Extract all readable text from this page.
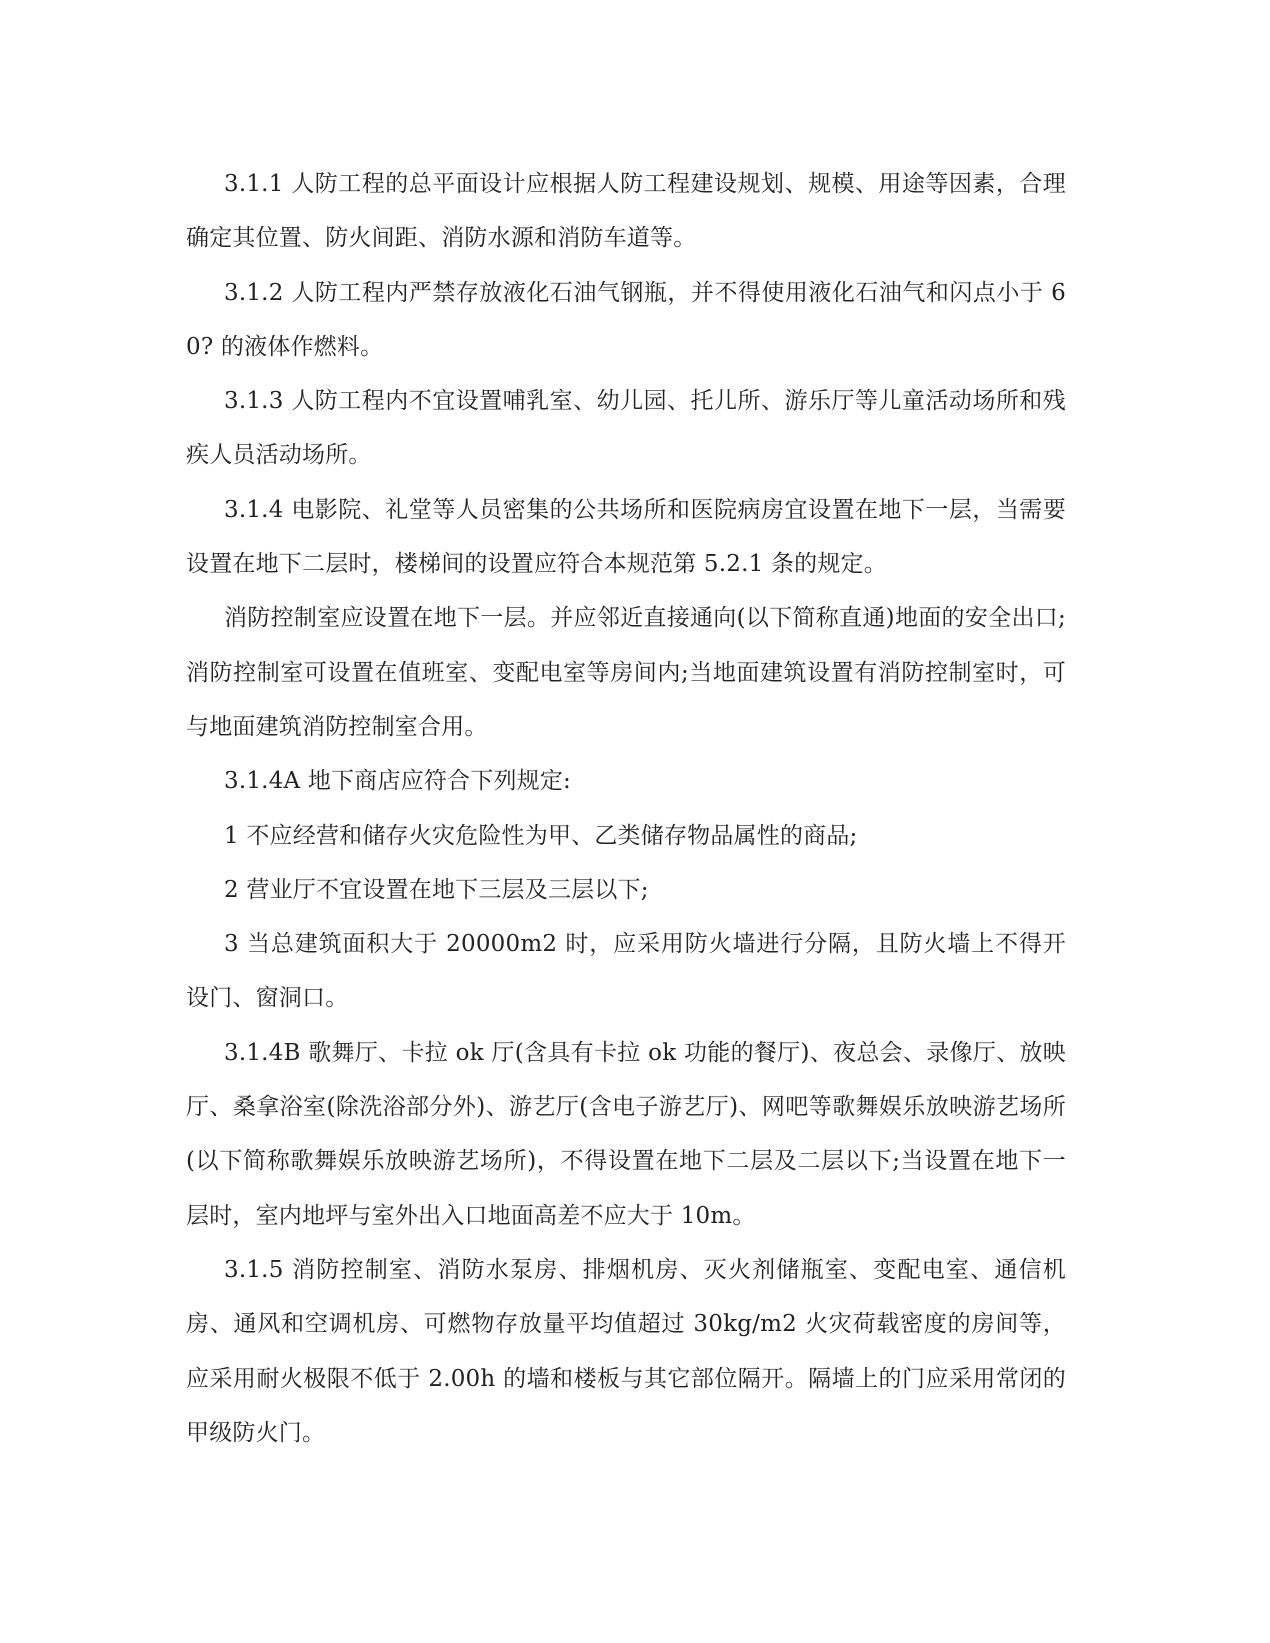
3.1.1 人防工程的总平面设计应根据人防工程建设规划、规模、用途等因素，合理确定其位置、防火间距、消防水源和消防车道等。

3.1.2 人防工程内严禁存放液化石油气钢瓶，并不得使用液化石油气和闪点小于 60? 的液体作燃料。

3.1.3 人防工程内不宜设置哺乳室、幼儿园、托儿所、游乐厅等儿童活动场所和残疾人员活动场所。

3.1.4 电影院、礼堂等人员密集的公共场所和医院病房宜设置在地下一层，当需要设置在地下二层时，楼梯间的设置应符合本规范第 5.2.1 条的规定。

消防控制室应设置在地下一层。并应邻近直接通向(以下简称直通)地面的安全出口;消防控制室可设置在值班室、变配电室等房间内;当地面建筑设置有消防控制室时，可与地面建筑消防控制室合用。

3.1.4A 地下商店应符合下列规定:

1 不应经营和储存火灾危险性为甲、乙类储存物品属性的商品;

2 营业厅不宜设置在地下三层及三层以下;

3 当总建筑面积大于 20000m2 时，应采用防火墙进行分隔，且防火墙上不得开设门、窗洞口。

3.1.4B 歌舞厅、卡拉 ok 厅(含具有卡拉 ok 功能的餐厅)、夜总会、录像厅、放映厅、桑拿浴室(除洗浴部分外)、游艺厅(含电子游艺厅)、网吧等歌舞娱乐放映游艺场所(以下简称歌舞娱乐放映游艺场所)，不得设置在地下二层及二层以下;当设置在地下一层时，室内地坪与室外出入口地面高差不应大于 10m。

3.1.5 消防控制室、消防水泵房、排烟机房、灭火剂储瓶室、变配电室、通信机房、通风和空调机房、可燃物存放量平均值超过 30kg/m2 火灾荷载密度的房间等，应采用耐火极限不低于 2.00h 的墙和楼板与其它部位隔开。隔墙上的门应采用常闭的甲级防火门。
